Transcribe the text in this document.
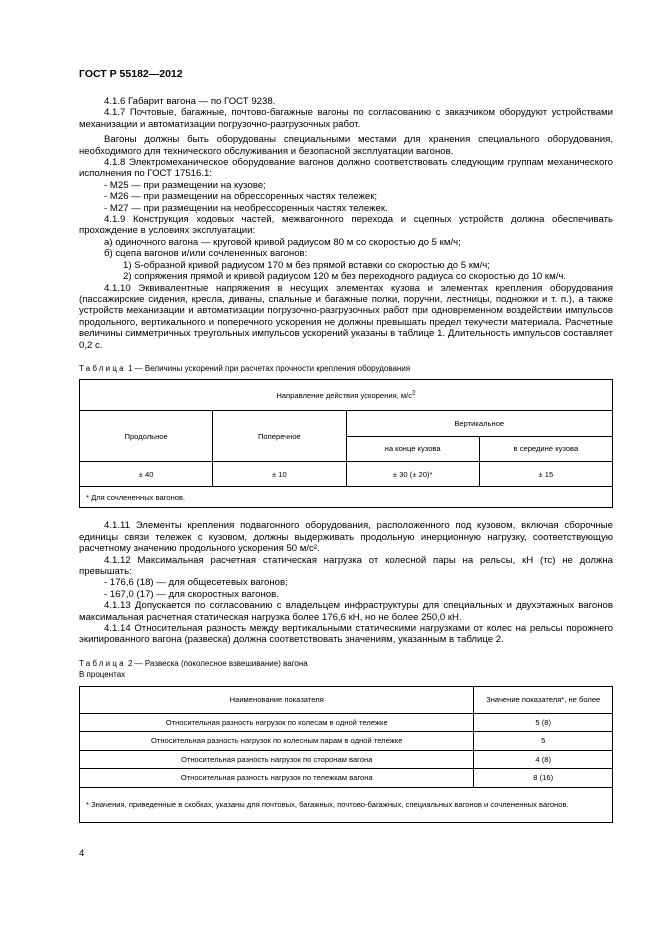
ГОСТ Р 55182—2012

4.1.6 Габарит вагона — по ГОСТ 9238.

4.1.7 Почтовые, багажные, почтово-багажные вагоны по согласованию с заказчиком оборудуют устройствами механизации и автоматизации погрузочно-разгрузочных работ.

Вагоны должны быть оборудованы специальными местами для хранения специального оборудования, необходимого для технического обслуживания и безопасной эксплуатации вагонов.

4.1.8 Электромеханическое оборудование вагонов должно соответствовать следующим группам механического исполнения по ГОСТ 17516.1:

- М25 — при размещении на кузове;

- М26 — при размещении на обрессоренных частях тележек;

- М27 — при размещении на необрессоренных частях тележек.

4.1.9 Конструкция ходовых частей, межвагонного перехода и сцепных устройств должна обеспечивать прохождение в условиях эксплуатации:

а) одиночного вагона — круговой кривой радиусом 80 м со скоростью до 5 км/ч;

б) сцепа вагонов и/или сочлененных вагонов:

1) S-образной кривой радиусом 170 м без прямой вставки со скоростью до 5 км/ч;

2) сопряжения прямой и кривой радиусом 120 м без переходного радиуса со скоростью до 10 км/ч.

4.1.10 Эквивалентные напряжения в несущих элементах кузова и элементах крепления оборудования (пассажирские сидения, кресла, диваны, спальные и багажные полки, поручни, лестницы, подножки и т. п.), а также устройств механизации и автоматизации погрузочно-разгрузочных работ при одновременном воздействии импульсов продольного, вертикального и поперечного ускорения не должны превышать предел текучести материала. Расчетные величины симметричных треугольных импульсов ускорений указаны в таблице 1. Длительность импульсов составляет 0,2 с.

Таблица 1 — Величины ускорений при расчетах прочности крепления оборудования

Направление действия ускорения, $м/с^2$
Продольное	Поперечное	Вертикальное	
		на конце кузова	в середине кузова
± 40	± 10	± 30 (± 20)*	± 15
* Для сочлененных вагонов.			

4.1.11 Элементы крепления подвагонного оборудования, расположенного под кузовом, включая сборочные единицы связи тележек с кузовом, должны выдерживать продольную инерционную нагрузку, соответствующую расчетному значению продольного ускорения 50 м/с².

4.1.12 Максимальная расчетная статическая нагрузка от колесной пары на рельсы, кН (тс) не должна превышать:

- 176,6 (18) — для общесетевых вагонов;

- 167,0 (17) — для скоростных вагонов.

4.1.13 Допускается по согласованию с владельцем инфраструктуры для специальных и двухэтажных вагонов максимальная расчетная статическая нагрузка более 176,6 кН, но не более 250,0 кН.

4.1.14 Относительная разность между вертикальными статическими нагрузками от колес на рельсы порожнего экипированного вагона (развеска) должна соответствовать значениям, указанным в таблице 2.

Таблица 2 — Развеска (поколесное взвешивание) вагона

В процентах

Наименование показателя	Значение показателя*, не более
Относительная разность нагрузок по колесам в одной тележке	5 (8)
Относительная разность нагрузок по колесным парам в одной тележке	5
Относительная разность нагрузок по сторонам вагона	4 (8)
Относительная разность нагрузок по тележкам вагона	8 (16)
* Значения, приведенные в скобках, указаны для почтовых, багажных, почтово-багажных, специальных вагонов и сочлененных вагонов.	
4
